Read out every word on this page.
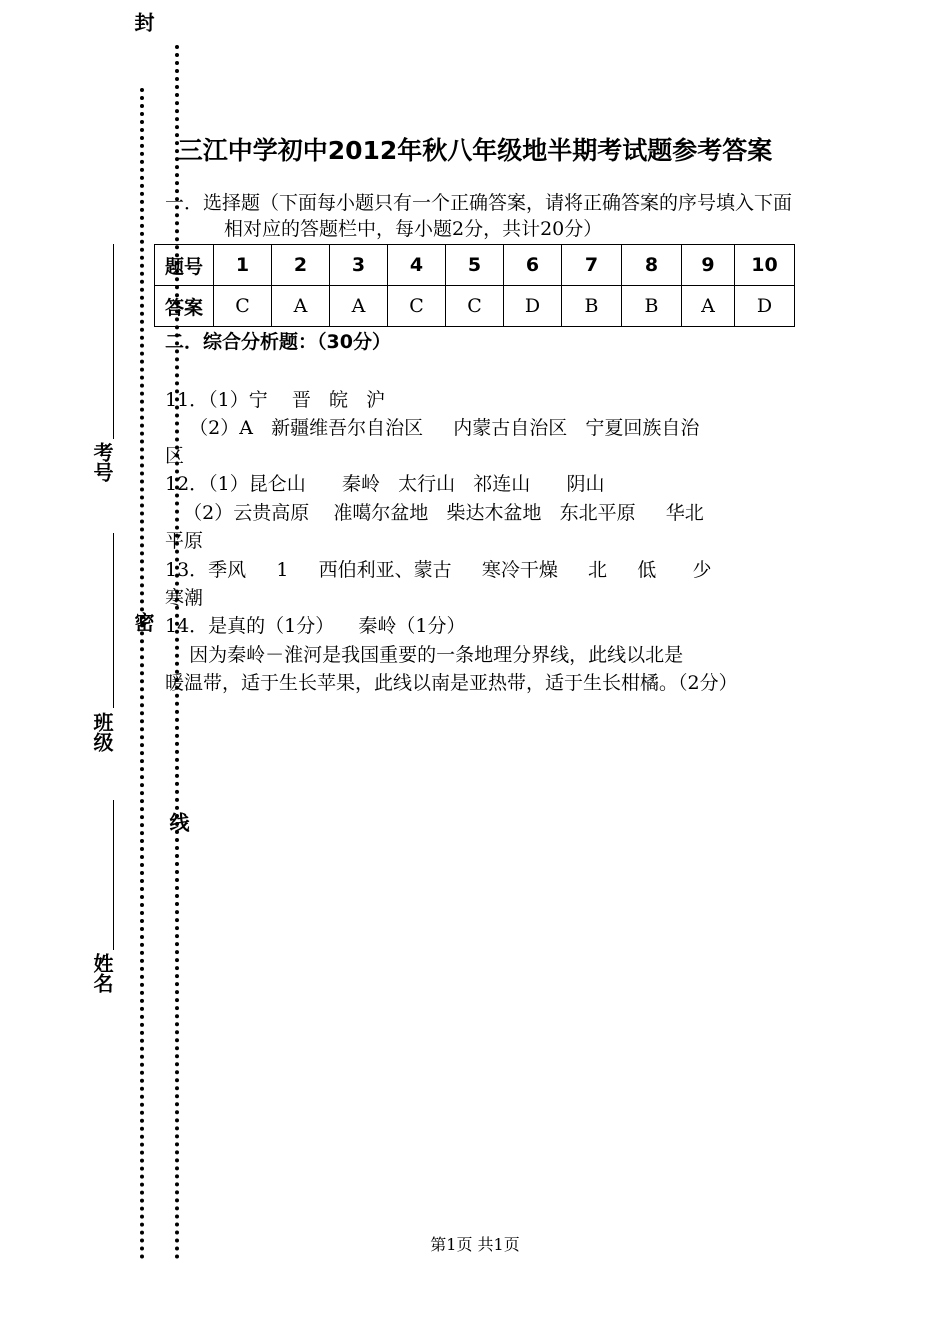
封
密
线
考号
班级
姓名
三江中学初中2012年秋八年级地半期考试题参考答案
一．选择题（下面每小题只有一个正确答案，请将正确答案的序号填入下面
相对应的答题栏中，每小题2分，共计20分）
题号	1	2	3	4	5	6	7	8	9	10
答案	C	A	A	C	C	D	B	B	A	D
二．综合分析题：（30分）
11．（1）宁    晋   皖   沪
（2）A   新疆维吾尔自治区     内蒙古自治区   宁夏回族自治
区
12．（1）昆仑山      秦岭   太行山   祁连山      阴山
（2）云贵高原    准噶尔盆地   柴达木盆地   东北平原     华北
平原
13．季风     1     西伯利亚、蒙古     寒冷干燥     北     低      少
寒潮
14．是真的（1分）    秦岭（1分）
因为秦岭－淮河是我国重要的一条地理分界线，此线以北是
暖温带，适于生长苹果，此线以南是亚热带，适于生长柑橘。（2分）
第1页 共1页
